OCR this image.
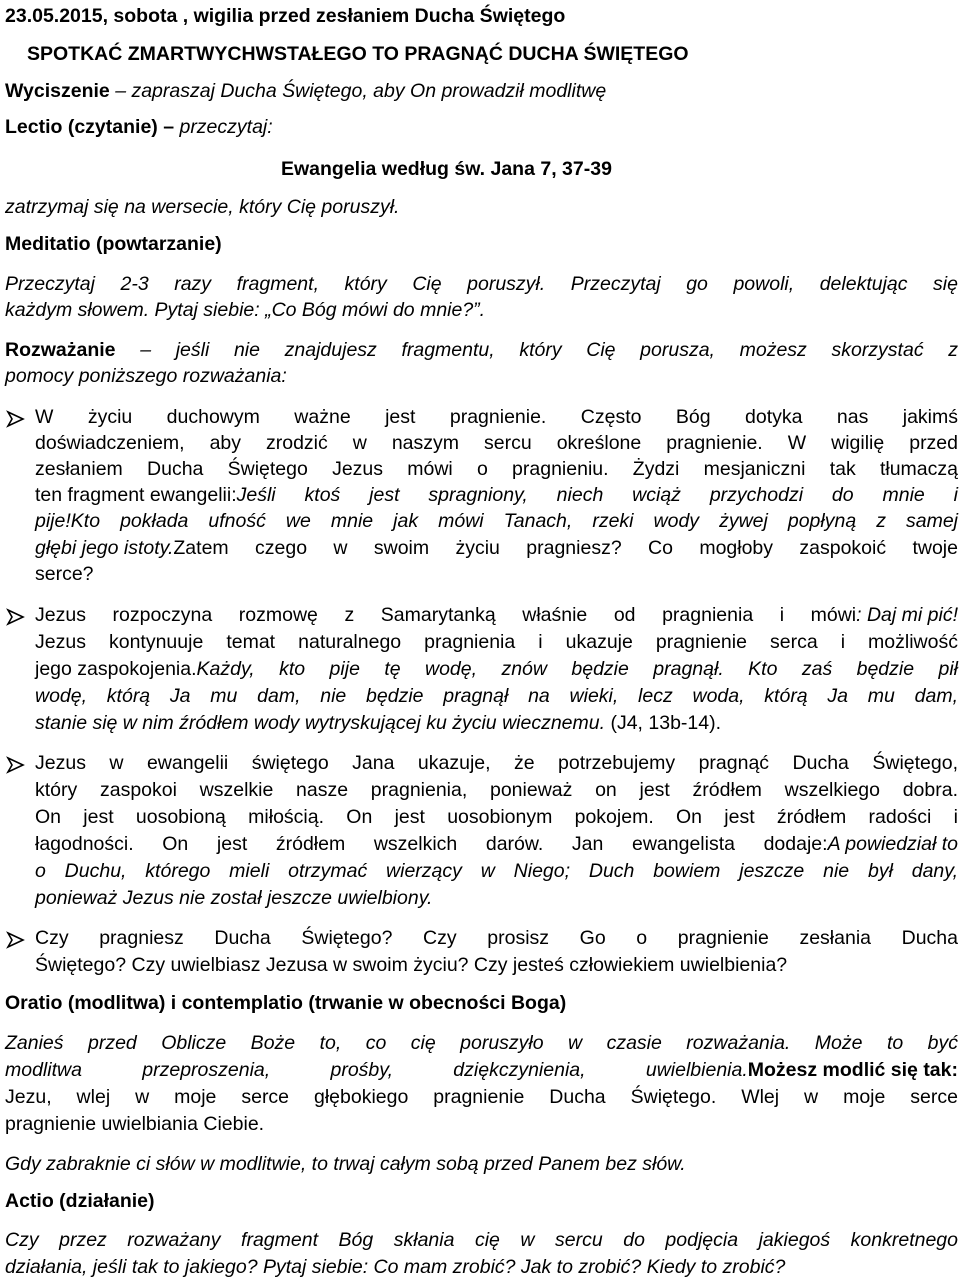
23.05.2015, sobota , wigilia przed zesłaniem Ducha Świętego
SPOTKAĆ ZMARTWYCHWSTAŁEGO TO PRAGNĄĆ DUCHA ŚWIĘTEGO
Wyciszenie – zapraszaj Ducha Świętego, aby On prowadził modlitwę
Lectio (czytanie) – przeczytaj:
Ewangelia według św. Jana 7, 37-39
zatrzymaj się na wersecie, który Cię poruszył.
Meditatio (powtarzanie)
Przeczytaj 2-3 razy fragment, który Cię poruszył. Przeczytaj go powoli, delektując się
każdym słowem. Pytaj siebie: „Co Bóg mówi do mnie?”.
Rozważanie – jeśli nie znajdujesz fragmentu, który Cię porusza, możesz skorzystać z
pomocy poniższego rozważania:
W życiu duchowym ważne jest pragnienie. Często Bóg dotyka nas jakimś
doświadczeniem, aby zrodzić w naszym sercu określone pragnienie. W wigilię przed
zesłaniem Ducha Świętego Jezus mówi o pragnieniu. Żydzi mesjaniczni tak tłumaczą
ten fragment ewangelii: Jeśli ktoś jest spragniony, niech wciąż przychodzi do mnie i
pije! Kto pokłada ufność we mnie jak mówi Tanach, rzeki wody żywej popłyną z samej
głębi jego istoty. Zatem czego w swoim życiu pragniesz? Co mogłoby zaspokoić twoje
serce?
Jezus rozpoczyna rozmowę z Samarytanką właśnie od pragnienia i mówi : Daj mi pić!
Jezus kontynuuje temat naturalnego pragnienia i ukazuje pragnienie serca i możliwość
jego zaspokojenia. Każdy, kto pije tę wodę, znów będzie pragnął. Kto zaś będzie pił
wodę, którą Ja mu dam, nie będzie pragnął na wieki, lecz woda, którą Ja mu dam,
stanie się w nim źródłem wody wytryskującej ku życiu wiecznemu. (J4, 13b-14).
Jezus w ewangelii świętego Jana ukazuje, że potrzebujemy pragnąć Ducha Świętego,
który zaspokoi wszelkie nasze pragnienia, ponieważ on jest źródłem wszelkiego dobra.
On jest uosobioną miłością. On jest uosobionym pokojem. On jest źródłem radości i
łagodności. On jest źródłem wszelkich darów. Jan ewangelista dodaje: A powiedział to
o Duchu, którego mieli otrzymać wierzący w Niego; Duch bowiem jeszcze nie był dany,
ponieważ Jezus nie został jeszcze uwielbiony.
Czy pragniesz Ducha Świętego? Czy prosisz Go o pragnienie zesłania Ducha
Świętego? Czy uwielbiasz Jezusa w swoim życiu? Czy jesteś człowiekiem uwielbienia?
Oratio (modlitwa) i contemplatio (trwanie w obecności Boga)
Zanieś przed Oblicze Boże to, co cię poruszyło w czasie rozważania. Może to być
modlitwa przeproszenia, prośby, dziękczynienia, uwielbienia. Możesz modlić się tak:
Jezu, wlej w moje serce głębokiego pragnienie Ducha Świętego. Wlej w moje serce
pragnienie uwielbiania Ciebie.
Gdy zabraknie ci słów w modlitwie, to trwaj całym sobą przed Panem bez słów.
Actio (działanie)
Czy przez rozważany fragment Bóg skłania cię w sercu do podjęcia jakiegoś konkretnego
działania, jeśli tak to jakiego? Pytaj siebie: Co mam zrobić? Jak to zrobić? Kiedy to zrobić?
